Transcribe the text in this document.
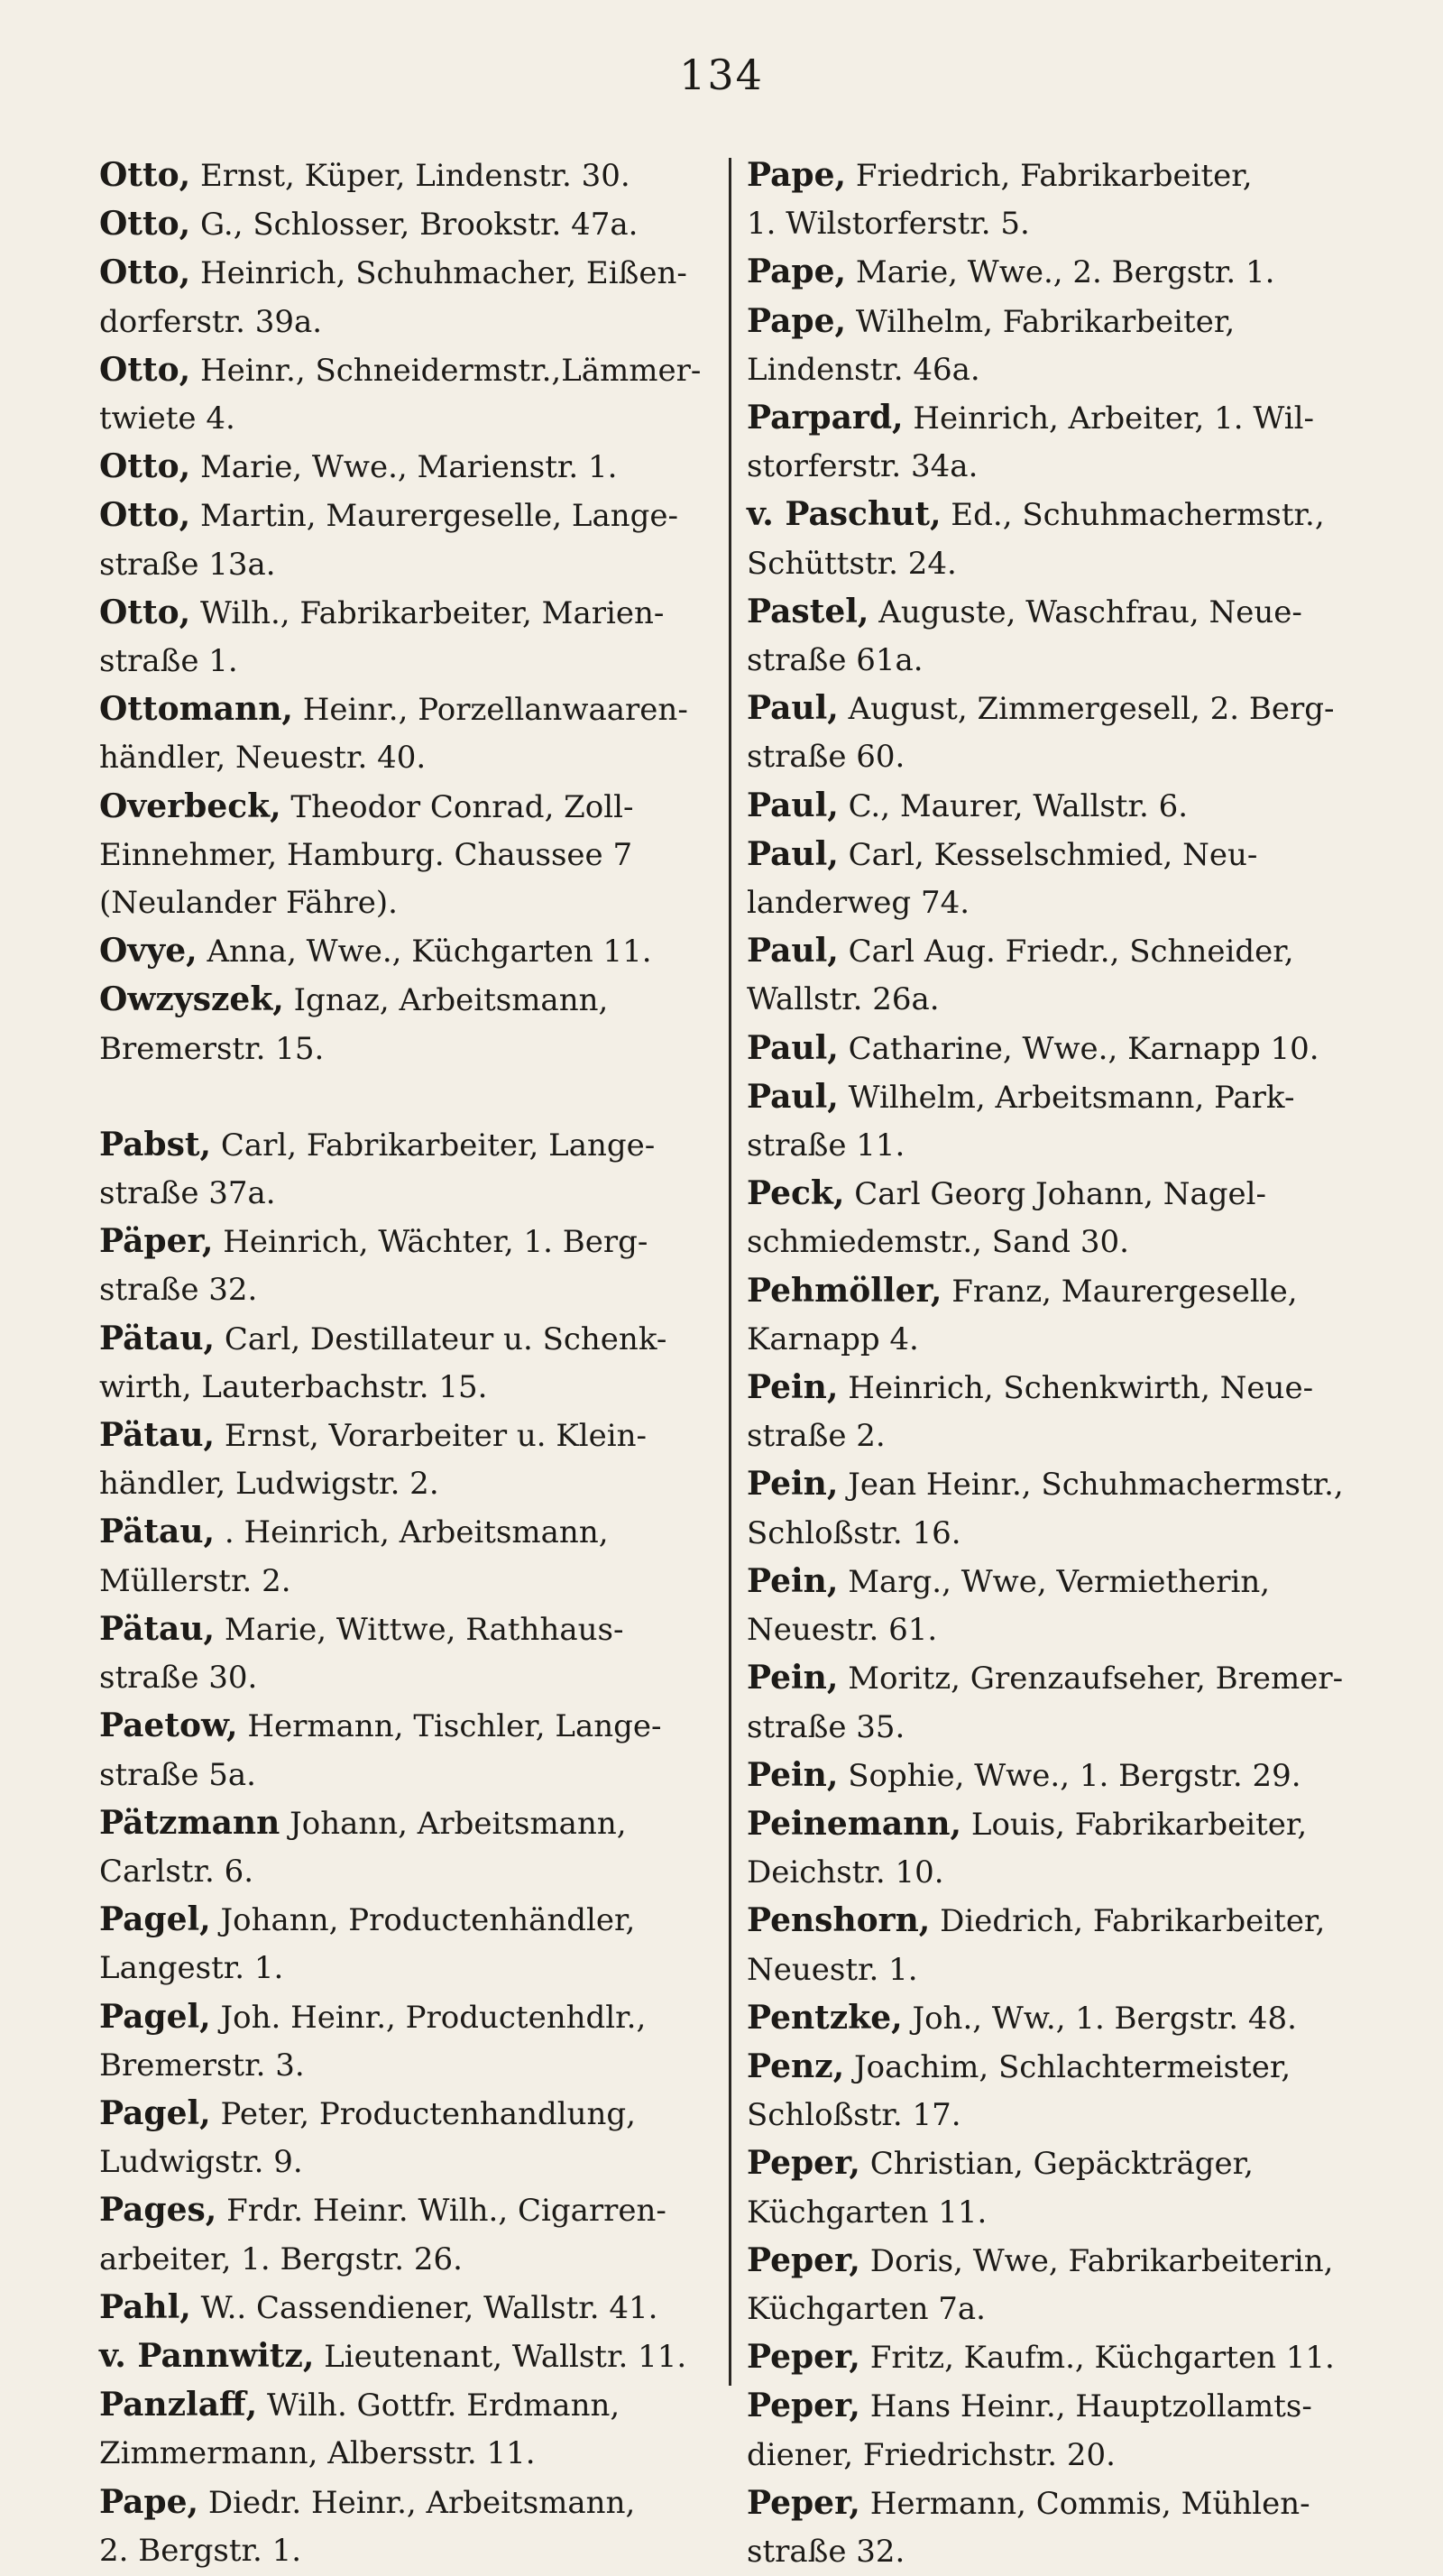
134
Otto, Ernst, Küper, Lindenstr. 30.
Otto, G., Schlosser, Brookstr. 47a.
Otto, Heinrich, Schuhmacher, Eißen-
dorferstr. 39a.
Otto, Heinr., Schneidermstr.,Lämmer-
twiete 4.
Otto, Marie, Wwe., Marienstr. 1.
Otto, Martin, Maurergeselle, Lange-
straße 13a.
Otto, Wilh., Fabrikarbeiter, Marien-
straße 1.
Ottomann, Heinr., Porzellanwaaren-
händler, Neuestr. 40.
Overbeck, Theodor Conrad, Zoll-
Einnehmer, Hamburg. Chaussee 7
(Neulander Fähre).
Ovye, Anna, Wwe., Küchgarten 11.
Owzyszek, Ignaz, Arbeitsmann,
Bremerstr. 15.
Pabst, Carl, Fabrikarbeiter, Lange-
straße 37a.
Päper, Heinrich, Wächter, 1. Berg-
straße 32.
Pätau, Carl, Destillateur u. Schenk-
wirth, Lauterbachstr. 15.
Pätau, Ernst, Vorarbeiter u. Klein-
händler, Ludwigstr. 2.
Pätau, . Heinrich, Arbeitsmann,
Müllerstr. 2.
Pätau, Marie, Wittwe, Rathhaus-
straße 30.
Paetow, Hermann, Tischler, Lange-
straße 5a.
Pätzmann Johann, Arbeitsmann,
Carlstr. 6.
Pagel, Johann, Productenhändler,
Langestr. 1.
Pagel, Joh. Heinr., Productenhdlr.,
Bremerstr. 3.
Pagel, Peter, Productenhandlung,
Ludwigstr. 9.
Pages, Frdr. Heinr. Wilh., Cigarren-
arbeiter, 1. Bergstr. 26.
Pahl, W.. Cassendiener, Wallstr. 41.
v. Pannwitz, Lieutenant, Wallstr. 11.
Panzlaff, Wilh. Gottfr. Erdmann,
Zimmermann, Albersstr. 11.
Pape, Diedr. Heinr., Arbeitsmann,
2. Bergstr. 1.
Pape, Friedrich, Fabrikarbeiter,
1. Wilstorferstr. 5.
Pape, Marie, Wwe., 2. Bergstr. 1.
Pape, Wilhelm, Fabrikarbeiter,
Lindenstr. 46a.
Parpard, Heinrich, Arbeiter, 1. Wil-
storferstr. 34a.
v. Paschut, Ed., Schuhmachermstr.,
Schüttstr. 24.
Pastel, Auguste, Waschfrau, Neue-
straße 61a.
Paul, August, Zimmergesell, 2. Berg-
straße 60.
Paul, C., Maurer, Wallstr. 6.
Paul, Carl, Kesselschmied, Neu-
landerweg 74.
Paul, Carl Aug. Friedr., Schneider,
Wallstr. 26a.
Paul, Catharine, Wwe., Karnapp 10.
Paul, Wilhelm, Arbeitsmann, Park-
straße 11.
Peck, Carl Georg Johann, Nagel-
schmiedemstr., Sand 30.
Pehmöller, Franz, Maurergeselle,
Karnapp 4.
Pein, Heinrich, Schenkwirth, Neue-
straße 2.
Pein, Jean Heinr., Schuhmachermstr.,
Schloßstr. 16.
Pein, Marg., Wwe, Vermietherin,
Neuestr. 61.
Pein, Moritz, Grenzaufseher, Bremer-
straße 35.
Pein, Sophie, Wwe., 1. Bergstr. 29.
Peinemann, Louis, Fabrikarbeiter,
Deichstr. 10.
Penshorn, Diedrich, Fabrikarbeiter,
Neuestr. 1.
Pentzke, Joh., Ww., 1. Bergstr. 48.
Penz, Joachim, Schlachtermeister,
Schloßstr. 17.
Peper, Christian, Gepäckträger,
Küchgarten 11.
Peper, Doris, Wwe, Fabrikarbeiterin,
Küchgarten 7a.
Peper, Fritz, Kaufm., Küchgarten 11.
Peper, Hans Heinr., Hauptzollamts-
diener, Friedrichstr. 20.
Peper, Hermann, Commis, Mühlen-
straße 32.
